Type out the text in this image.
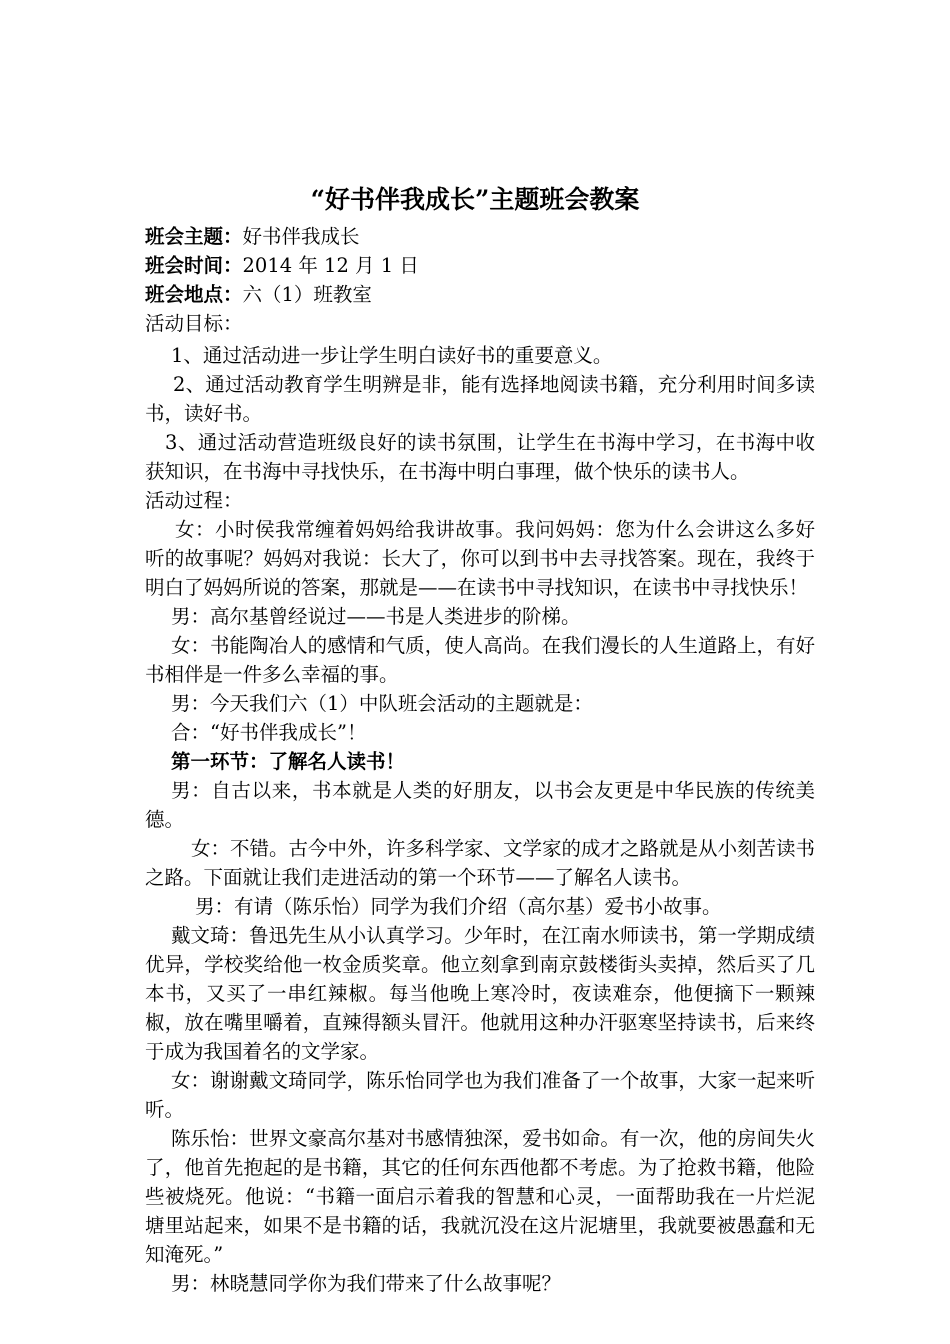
“好书伴我成长”主题班会教案
班会主题：好书伴我成长
班会时间：2014 年 12 月 1 日
班会地点：六（1）班教室
活动目标：

1、通过活动进一步让学生明白读好书的重要意义。

2、通过活动教育学生明辨是非，能有选择地阅读书籍，充分利用时间多读书，读好书。

3、通过活动营造班级良好的读书氛围，让学生在书海中学习，在书海中收获知识，在书海中寻找快乐，在书海中明白事理，做个快乐的读书人。

活动过程：

女：小时侯我常缠着妈妈给我讲故事。我问妈妈：您为什么会讲这么多好听的故事呢？妈妈对我说：长大了，你可以到书中去寻找答案。现在，我终于明白了妈妈所说的答案，那就是——在读书中寻找知识，在读书中寻找快乐！

男：高尔基曾经说过——书是人类进步的阶梯。

女：书能陶冶人的感情和气质，使人高尚。在我们漫长的人生道路上，有好书相伴是一件多么幸福的事。

男：今天我们六（1）中队班会活动的主题就是：

合：“好书伴我成长”！

第一环节：了解名人读书！

男：自古以来，书本就是人类的好朋友，以书会友更是中华民族的传统美德。

女：不错。古今中外，许多科学家、文学家的成才之路就是从小刻苦读书之路。下面就让我们走进活动的第一个环节——了解名人读书。

男：有请（陈乐怡）同学为我们介绍（高尔基）爱书小故事。

戴文琦：鲁迅先生从小认真学习。少年时，在江南水师读书，第一学期成绩优异，学校奖给他一枚金质奖章。他立刻拿到南京鼓楼街头卖掉，然后买了几本书，又买了一串红辣椒。每当他晚上寒冷时，夜读难奈，他便摘下一颗辣椒，放在嘴里嚼着，直辣得额头冒汗。他就用这种办汗驱寒坚持读书，后来终于成为我国着名的文学家。

女：谢谢戴文琦同学，陈乐怡同学也为我们准备了一个故事，大家一起来听听。

陈乐怡：世界文豪高尔基对书感情独深，爱书如命。有一次，他的房间失火了，他首先抱起的是书籍，其它的任何东西他都不考虑。为了抢救书籍，他险些被烧死。他说：“书籍一面启示着我的智慧和心灵，一面帮助我在一片烂泥塘里站起来，如果不是书籍的话，我就沉没在这片泥塘里，我就要被愚蠢和无知淹死。”

男：林晓慧同学你为我们带来了什么故事呢？
